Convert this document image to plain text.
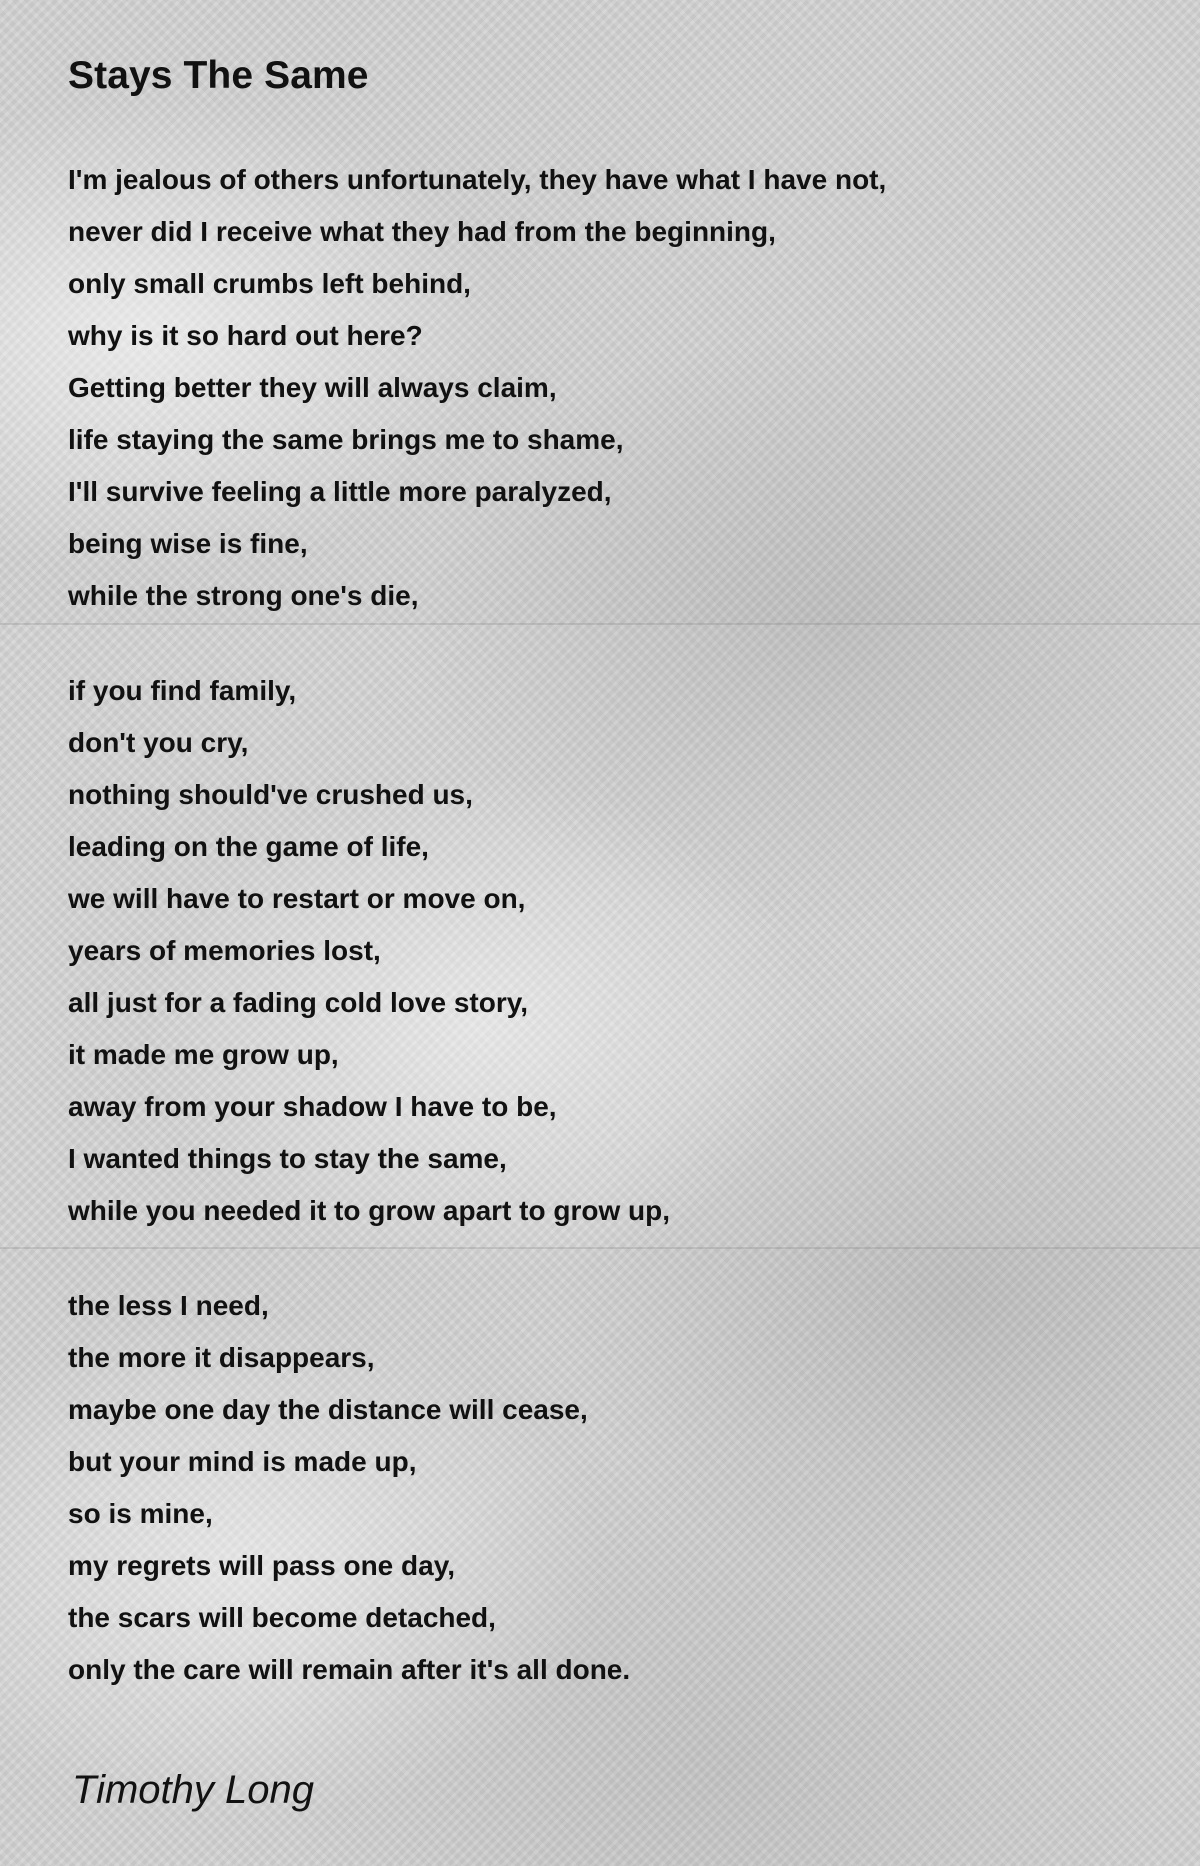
Stays The Same
I'm jealous of others unfortunately, they have what I have not,
never did I receive what they had from the beginning,
only small crumbs left behind,
why is it so hard out here?
Getting better they will always claim,
life staying the same brings me to shame,
I'll survive feeling a little more paralyzed,
being wise is fine,
while the strong one's die,
if you find family,
don't you cry,
nothing should've crushed us,
leading on the game of life,
we will have to restart or move on,
years of memories lost,
all just for a fading cold love story,
it made me grow up,
away from your shadow I have to be,
I wanted things to stay the same,
while you needed it to grow apart to grow up,
the less I need,
the more it disappears,
maybe one day the distance will cease,
but your mind is made up,
so is mine,
my regrets will pass one day,
the scars will become detached,
only the care will remain after it's all done.
Timothy Long
